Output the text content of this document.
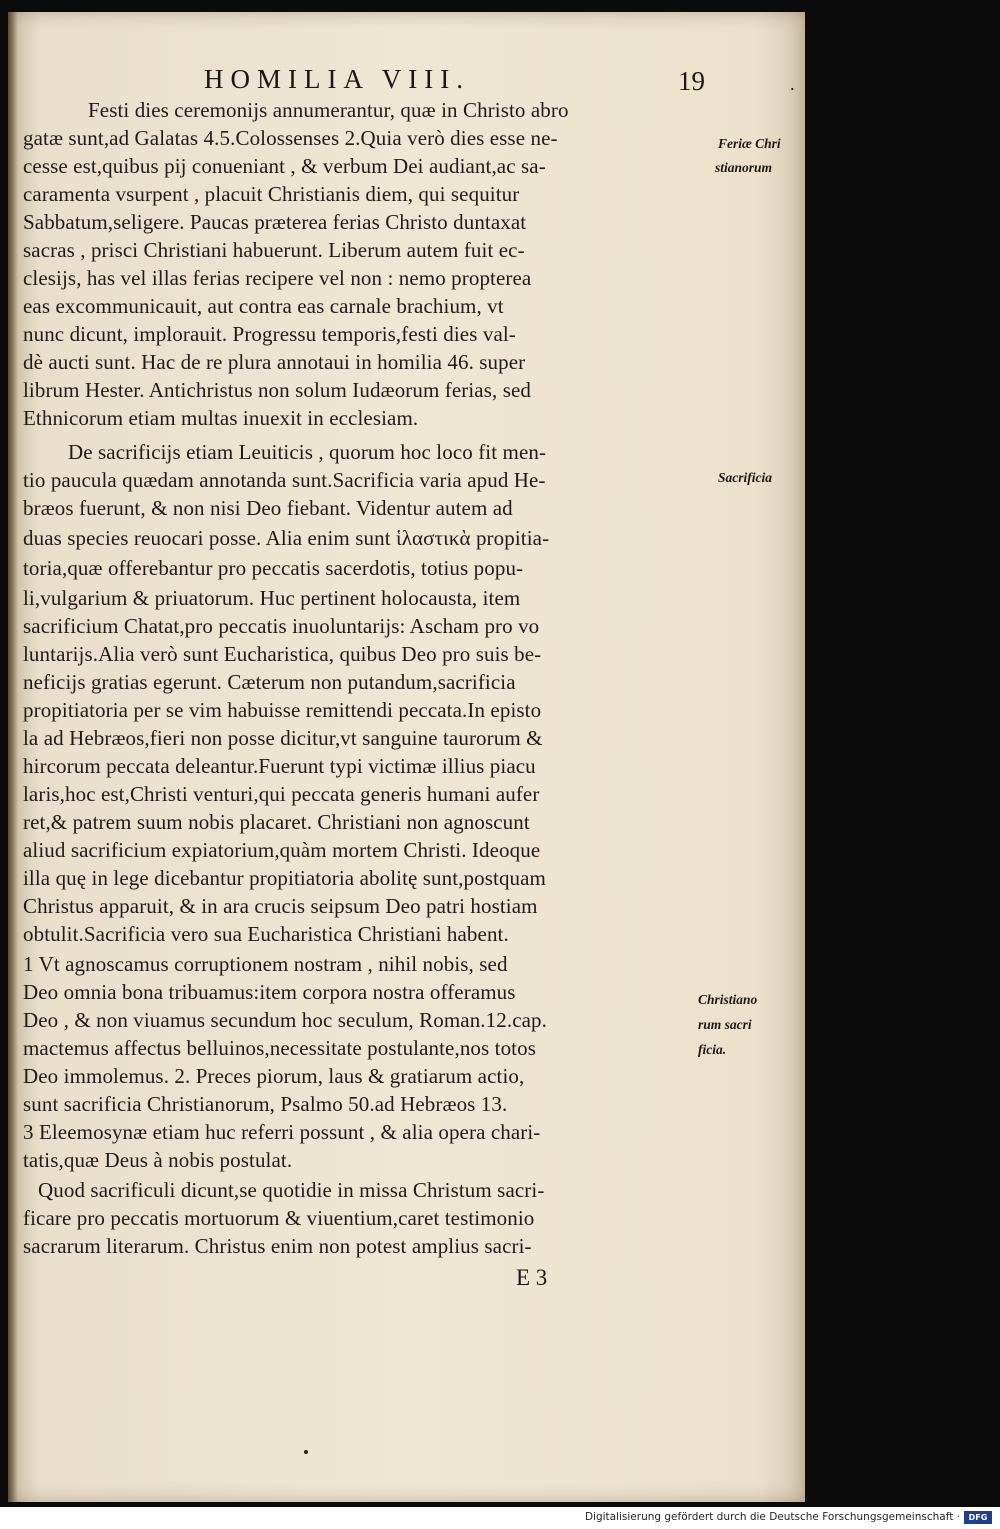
HOMILIA VIII.	19	.
Festi dies ceremonijs annumerantur, quæ in Christo abro
gatæ sunt,ad Galatas 4.5.Colossenses 2.Quia verò dies esse ne-
cesse est,quibus pij conueniant , & verbum Dei audiant,ac sa-
caramenta vsurpent , placuit Christianis diem, qui sequitur
Sabbatum,seligere. Paucas præterea ferias Christo duntaxat
sacras , prisci Christiani habuerunt. Liberum autem fuit ec-
clesijs, has vel illas ferias recipere vel non : nemo propterea
eas excommunicauit, aut contra eas carnale brachium, vt
nunc dicunt, implorauit. Progressu temporis,festi dies val-
dè aucti sunt. Hac de re plura annotaui in homilia 46. super
librum Hester. Antichristus non solum Iudæorum ferias, sed
Ethnicorum etiam multas inuexit in ecclesiam.
De sacrificijs etiam Leuiticis , quorum hoc loco fit men-
tio paucula quædam annotanda sunt.Sacrificia varia apud He-
bræos fuerunt, & non nisi Deo fiebant. Videntur autem ad
duas species reuocari posse. Alia enim sunt ἱλαστικὰ propitia-
toria,quæ offerebantur pro peccatis sacerdotis, totius popu-
li,vulgarium & priuatorum. Huc pertinent holocausta, item
sacrificium Chatat,pro peccatis inuoluntarijs: Ascham pro vo
luntarijs.Alia verò sunt Eucharistica, quibus Deo pro suis be-
neficijs gratias egerunt. Cæterum non putandum,sacrificia
propitiatoria per se vim habuisse remittendi peccata.In episto
la ad Hebræos,fieri non posse dicitur,vt sanguine taurorum &
hircorum peccata deleantur.Fuerunt typi victimæ illius piacu
laris,hoc est,Christi venturi,qui peccata generis humani aufer
ret,& patrem suum nobis placaret. Christiani non agnoscunt
aliud sacrificium expiatorium,quàm mortem Christi. Ideoque
illa quę in lege dicebantur propitiatoria abolitę sunt,postquam
Christus apparuit, & in ara crucis seipsum Deo patri hostiam
obtulit.Sacrificia vero sua Eucharistica Christiani habent.
1 Vt agnoscamus corruptionem nostram , nihil nobis, sed
Deo omnia bona tribuamus:item corpora nostra offeramus
Deo , & non viuamus secundum hoc seculum, Roman.12.cap.
mactemus affectus belluinos,necessitate postulante,nos totos
Deo immolemus. 2. Preces piorum, laus & gratiarum actio,
sunt sacrificia Christianorum, Psalmo 50.ad Hebræos 13.
3 Eleemosynæ etiam huc referri possunt , & alia opera chari-
tatis,quæ Deus à nobis postulat.
Quod sacrificuli dicunt,se quotidie in missa Christum sacri-
ficare pro peccatis mortuorum & viuentium,caret testimonio
sacrarum literarum. Christus enim non potest amplius sacri-
E 3
Feriæ Chri
stianorum
Sacrificia
Christiano
rum sacri
ficia.
Digitalisierung gefördert durch die Deutsche Forschungsgemeinschaft ·	DFG
